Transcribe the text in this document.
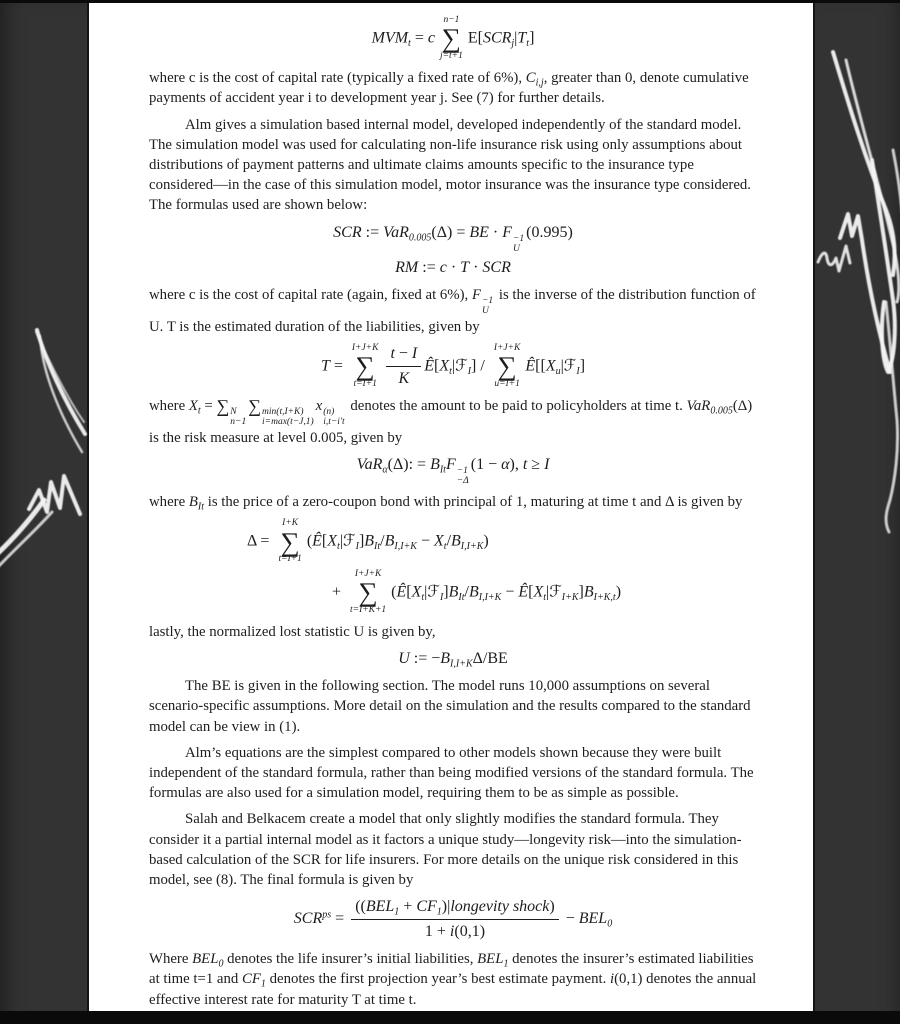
$MVM_t = c$
n−1
∑
j=t+1
$E[SCR_j|T_t]$
where c is the cost of capital rate (typically a fixed rate of 6%), $C_{i,j}$, greater than 0, denote cumulative payments of accident year i to development year j. See (7) for further details.
Alm gives a simulation based internal model, developed independently of the standard model. The simulation model was used for calculating non-life insurance risk using only assumptions about distributions of payment patterns and ultimate claims amounts specific to the insurance type considered—in the case of this simulation model, motor insurance was the insurance type considered. The formulas used are shown below:
SCR := VaR$_{0.005}$(Δ) = BE · F −1
U
(0.995)
RM := c · T · SCR
where c is the cost of capital rate (again, fixed at 6%), F −1
U
is the inverse of the distribution function of U. T is the estimated duration of the liabilities, given by
T =
I+J+K
∑
$t=I+1 \frac{t - I}{K}$ $Ê[X_t|ℱ_I]$ /
I+J+K
∑
u=I+1
$Ê[[X_u|ℱ_I]$
where $X_t$ = ∑ N
n−1
∑ min(t,I+K)
i=max(t−J,1)
x (n)
i,t−i′t
denotes the amount to be paid to policyholders at time t. VaR$_{0.005}$(Δ) is the risk measure at level 0.005, given by
VaR$_\alpha$(Δ): = $B_{It}F -1$
−Δ
(1 − α), t ≥ I
where $B_{It}$ is the price of a zero-coupon bond with principal of 1, maturing at time t and Δ is given by
Δ =
I+K
∑
t=I+1
$(Ê[X_t|ℱ_I]B_{It}/B_{I,I+K} - X_t/B_{I,I+K})$
+
I+J+K
∑
t=I+K+1
($Ê[X_t|ℱ_I]B_{It}/B_{I,I+K}$ − $Ê[X_t|ℱ_{I+K}]B_{I+K,t}$)
lastly, the normalized lost statistic U is given by,
U := $-B_{I,I+K}\Delta/BE$
The BE is given in the following section. The model runs 10,000 assumptions on several scenario-specific assumptions. More detail on the simulation and the results compared to the standard model can be view in (1).
Alm’s equations are the simplest compared to other models shown because they were built independent of the standard formula, rather than being modified versions of the standard formula. The formulas are also used for a simulation model, requiring them to be as simple as possible.
Salah and Belkacem create a model that only slightly modifies the standard formula. They consider it a partial internal model as it factors a unique study—longevity risk—into the simulation-based calculation of the SCR for life insurers. For more details on the unique risk considered in this model, see (8). The final formula is given by
$SCR^{ps} = \frac{((BEL_1 + CF_1)|longevity shock)}{1 + i(0,1)} - BEL_0$
Where $BEL_0$ denotes the life insurer’s initial liabilities, $BEL_1$ denotes the insurer’s estimated liabilities at time t=1 and $CF_1$ denotes the first projection year’s best estimate payment. i(0,1) denotes the annual effective interest rate for maturity T at time t.
